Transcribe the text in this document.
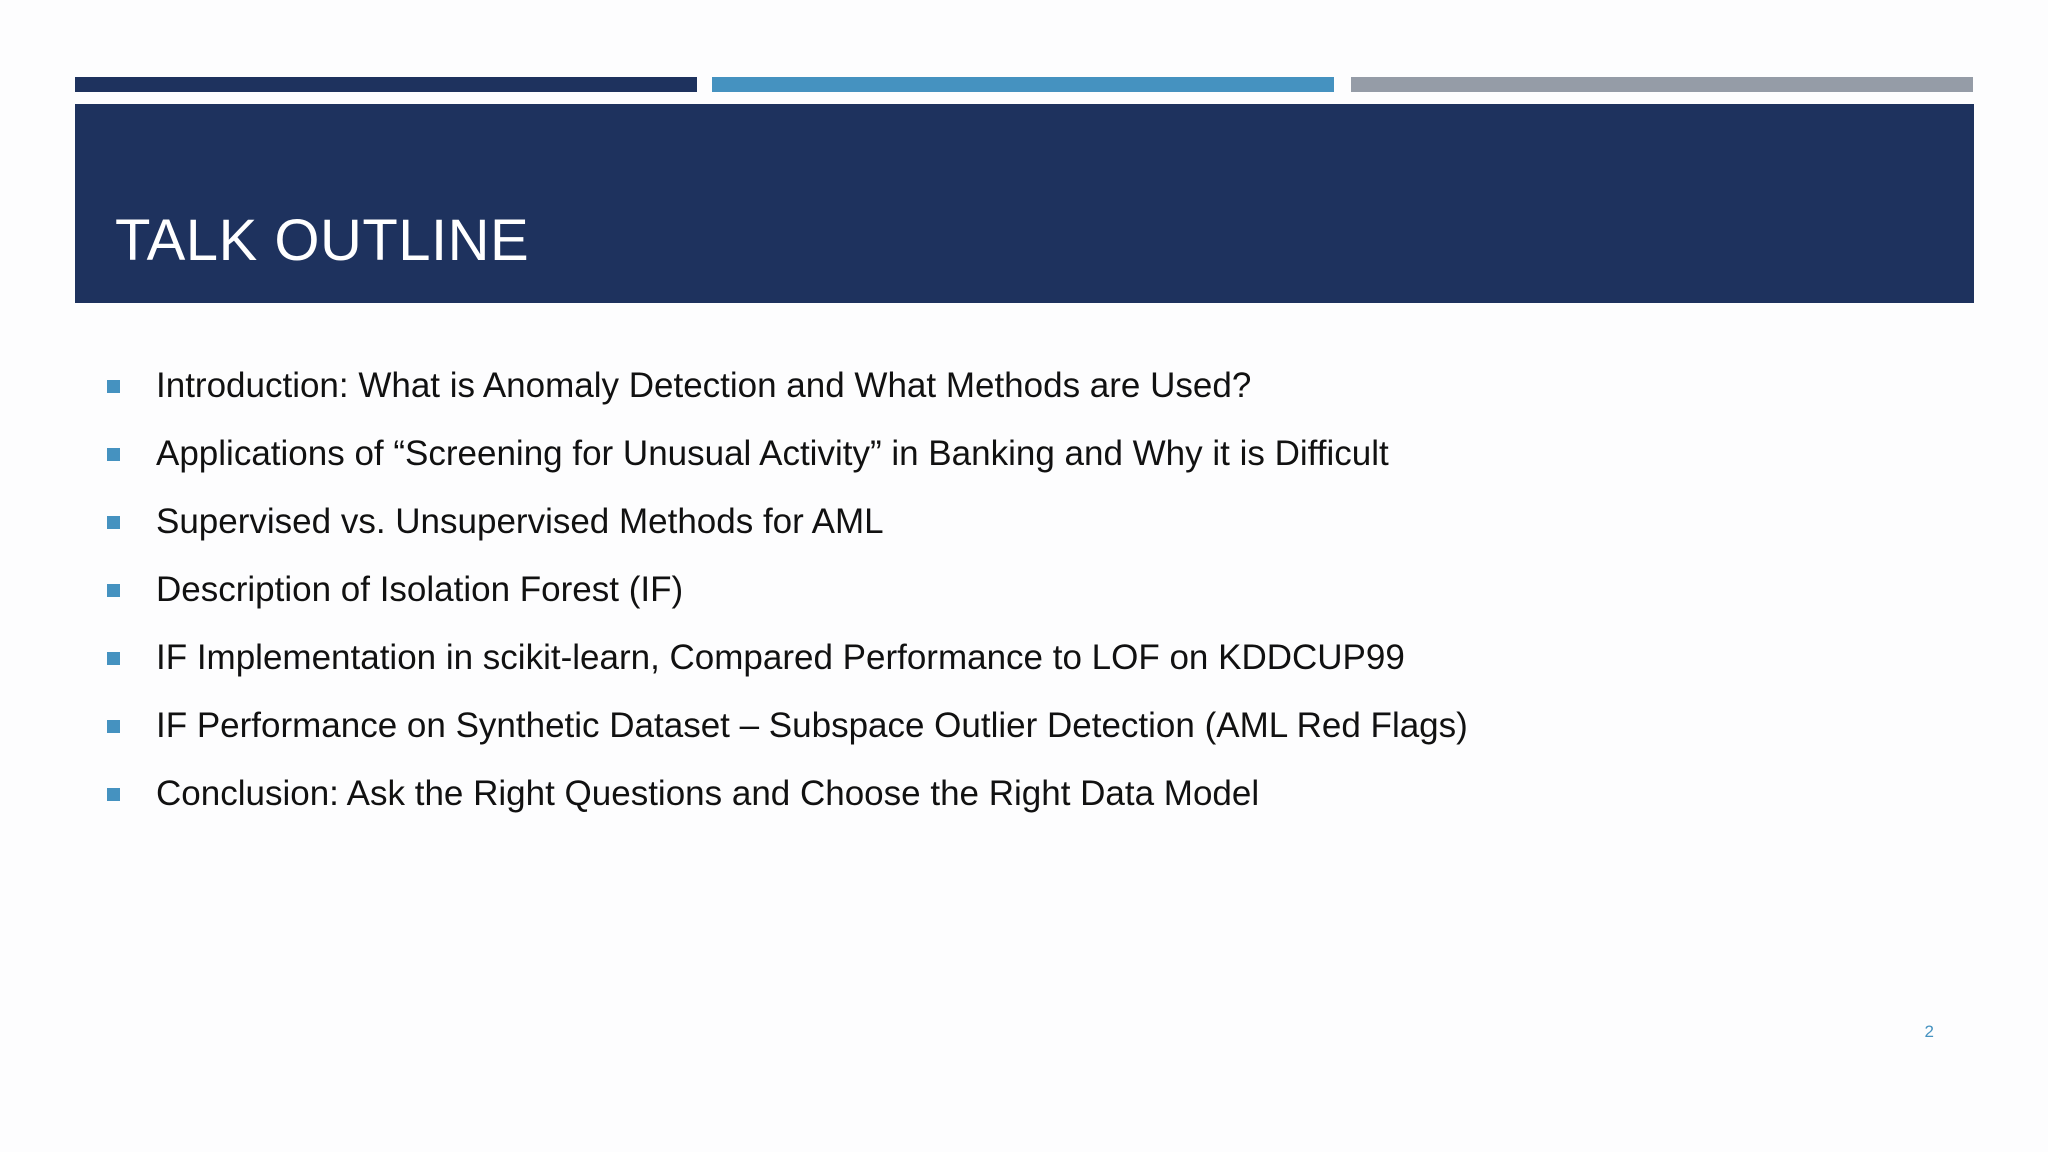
TALK OUTLINE
Introduction: What is Anomaly Detection and What Methods are Used?
Applications of “Screening for Unusual Activity” in Banking and Why it is Difficult
Supervised vs. Unsupervised Methods for AML
Description of Isolation Forest (IF)
IF Implementation in scikit-learn, Compared Performance to LOF on KDDCUP99
IF Performance on Synthetic Dataset – Subspace Outlier Detection (AML Red Flags)
Conclusion: Ask the Right Questions and Choose the Right Data Model
2
